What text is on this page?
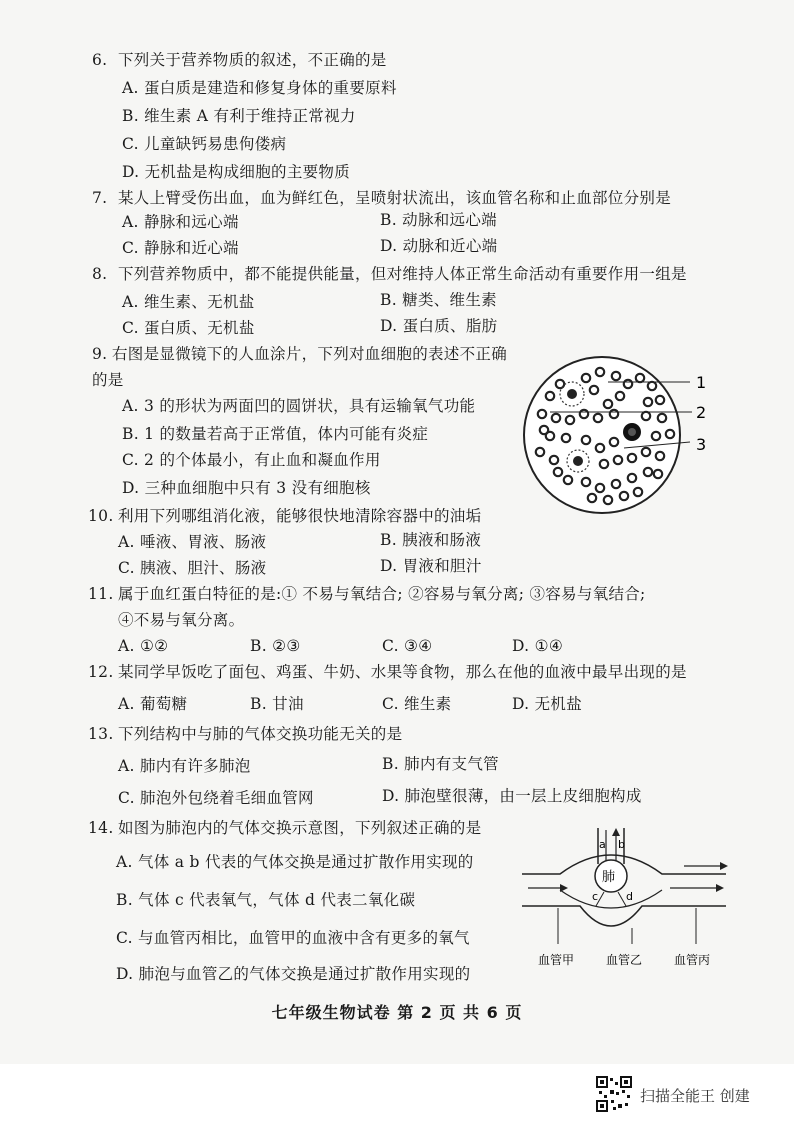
6. 下列关于营养物质的叙述，不正确的是
A. 蛋白质是建造和修复身体的重要原料
B. 维生素 A 有利于维持正常视力
C. 儿童缺钙易患佝偻病
D. 无机盐是构成细胞的主要物质
7. 某人上臂受伤出血，血为鲜红色，呈喷射状流出，该血管名称和止血部位分别是
A. 静脉和远心端	B. 动脉和远心端
C. 静脉和近心端	D. 动脉和近心端
8. 下列营养物质中，都不能提供能量，但对维持人体正常生命活动有重要作用一组是
A. 维生素、无机盐	B. 糖类、维生素
C. 蛋白质、无机盐	D. 蛋白质、脂肪
9. 右图是显微镜下的人血涂片，下列对血细胞的表述不正确
的是
A. 3 的形状为两面凹的圆饼状，具有运输氧气功能
B. 1 的数量若高于正常值，体内可能有炎症
C. 2 的个体最小，有止血和凝血作用
D. 三种血细胞中只有 3 没有细胞核
10. 利用下列哪组消化液，能够很快地清除容器中的油垢
A. 唾液、胃液、肠液	B. 胰液和肠液
C. 胰液、胆汁、肠液	D. 胃液和胆汁
11. 属于血红蛋白特征的是:① 不易与氧结合; ②容易与氧分离; ③容易与氧结合;
④不易与氧分离。
A. ①②	B. ②③	C. ③④	D. ①④
12. 某同学早饭吃了面包、鸡蛋、牛奶、水果等食物，那么在他的血液中最早出现的是
A. 葡萄糖	B. 甘油	C. 维生素	D. 无机盐
13. 下列结构中与肺的气体交换功能无关的是
A. 肺内有许多肺泡	B. 肺内有支气管
C. 肺泡外包绕着毛细血管网	D. 肺泡壁很薄，由一层上皮细胞构成
14. 如图为肺泡内的气体交换示意图，下列叙述正确的是
A. 气体 a b 代表的气体交换是通过扩散作用实现的
B. 气体 c 代表氧气，气体 d 代表二氧化碳
C. 与血管丙相比，血管甲的血液中含有更多的氧气
D. 肺泡与血管乙的气体交换是通过扩散作用实现的
1
2
3
a b
肺
c	d
血管甲	血管乙	血管丙
七年级生物试卷 第 2 页 共 6 页
扫描全能王 创建
